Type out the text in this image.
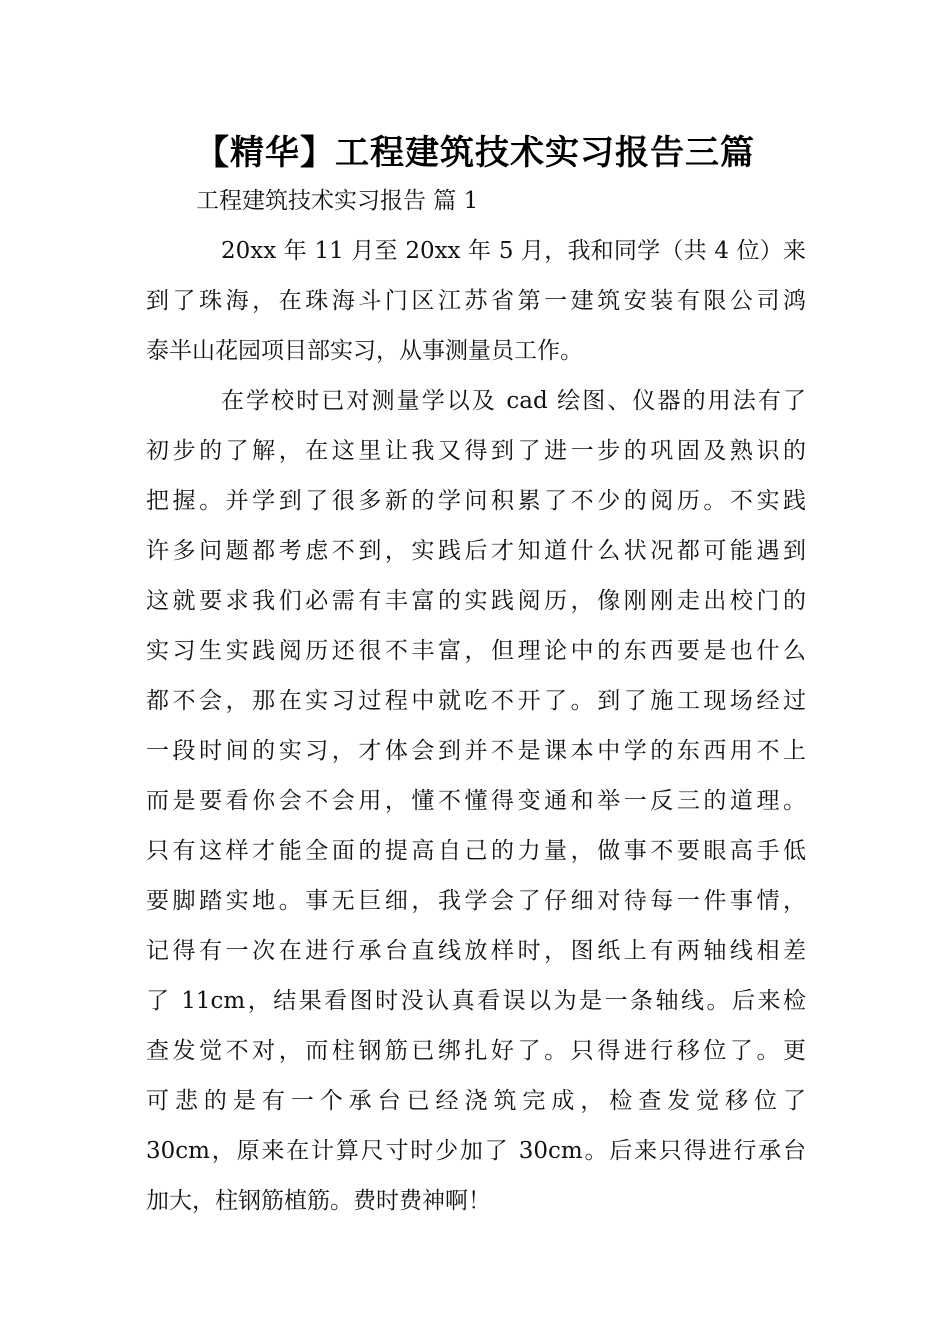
【精华】工程建筑技术实习报告三篇
工程建筑技术实习报告 篇 1
20xx 年 11 月至 20xx 年 5 月，我和同学（共 4 位）来
到了珠海，在珠海斗门区江苏省第一建筑安装有限公司鸿
泰半山花园项目部实习，从事测量员工作。
在学校时已对测量学以及 cad 绘图、仪器的用法有了
初步的了解，在这里让我又得到了进一步的巩固及熟识的
把握。并学到了很多新的学问积累了不少的阅历。不实践
许多问题都考虑不到，实践后才知道什么状况都可能遇到
这就要求我们必需有丰富的实践阅历，像刚刚走出校门的
实习生实践阅历还很不丰富，但理论中的东西要是也什么
都不会，那在实习过程中就吃不开了。到了施工现场经过
一段时间的实习，才体会到并不是课本中学的东西用不上
而是要看你会不会用，懂不懂得变通和举一反三的道理。
只有这样才能全面的提高自己的力量，做事不要眼高手低
要脚踏实地。事无巨细，我学会了仔细对待每一件事情，
记得有一次在进行承台直线放样时，图纸上有两轴线相差
了 11cm，结果看图时没认真看误以为是一条轴线。后来检
查发觉不对，而柱钢筋已绑扎好了。只得进行移位了。更
可悲的是有一个承台已经浇筑完成，检查发觉移位了
30cm，原来在计算尺寸时少加了 30cm。后来只得进行承台
加大，柱钢筋植筋。费时费神啊！
